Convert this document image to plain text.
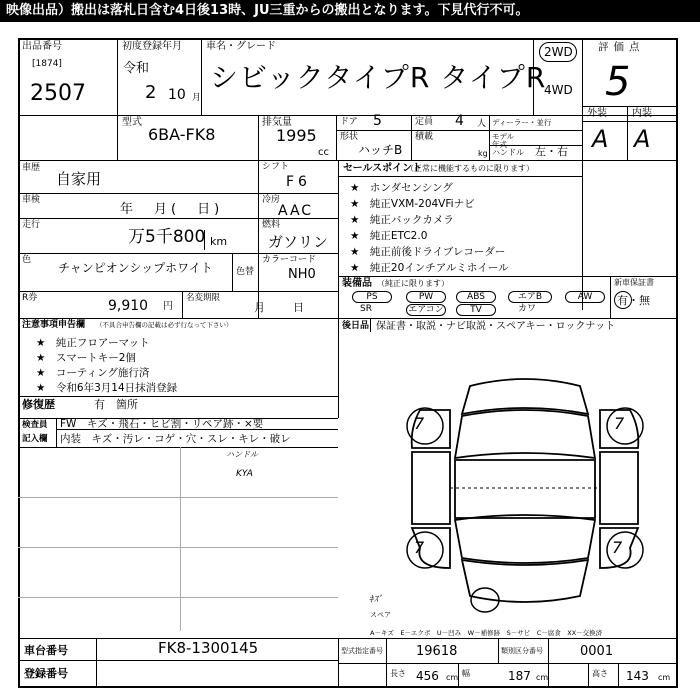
映像出品）搬出は落札日含む4日後13時、JU三重からの搬出となります。下見代行不可。
出品番号
[1874]
2507
初度登録年月
令和
2 10 月
車名・グレード
シビックタイプR タイプR
2WD
4WD
評価点
5
型式
6BA-FK8
排気量
1995
cc
ドア 5	定員 4 人 ディーラー・並行
モデル年式
形状
ハッチB
積載
kg ハンドル 左・右
外装	内装
A A
車歴
自家用
シフト
F6
車検
年　月(　日)
冷房
AAC
走行
万5千800 km
燃料
ガソリン
色
チャンピオンシップホワイト	色替
カラーコード
NH0
R券	9,910 円
名変期限
月　　日
セールスポイント
（正常に機能するものに限ります）
★　ホンダセンシング
★　純正VXM-204VFiナビ
★　純正バックカメラ
★　純正ETC2.0
★　純正前後ドライブレコーダー
★　純正20インチアルミホイール
装備品 （純正に限ります）	新車保証書
有・無
PS	PW	ABS	エアB	AW
SR	エアコン	TV	カワ
注意事項申告欄 （不具合申告欄の記載は必ず行なって下さい）
★　純正フロアーマット
★　スマートキー2個
★　コーティング施行済
★　令和6年3月14日抹消登録
修復歴	有　箇所
後日品 保証書・取説・ナビ取説・スペアキー・ロックナット
検査員
記入欄
FW　キズ・飛石・ヒビ割・リペア跡・×要
内装　キズ・汚レ・コゲ・穴・スレ・キレ・破レ
ハンドル
KYA
7	7
7	7
ｷｽﾞ
スペア
A－キズ　E－エクボ　U－凹み　W－補修跡　S－サビ　C－腐食　XX－交換済
車台番号	FK8-1300145
登録番号
型式指定番号	19618	類別区分番号	0001
長さ 456 cm 幅	187 cm	高さ 143 cm
